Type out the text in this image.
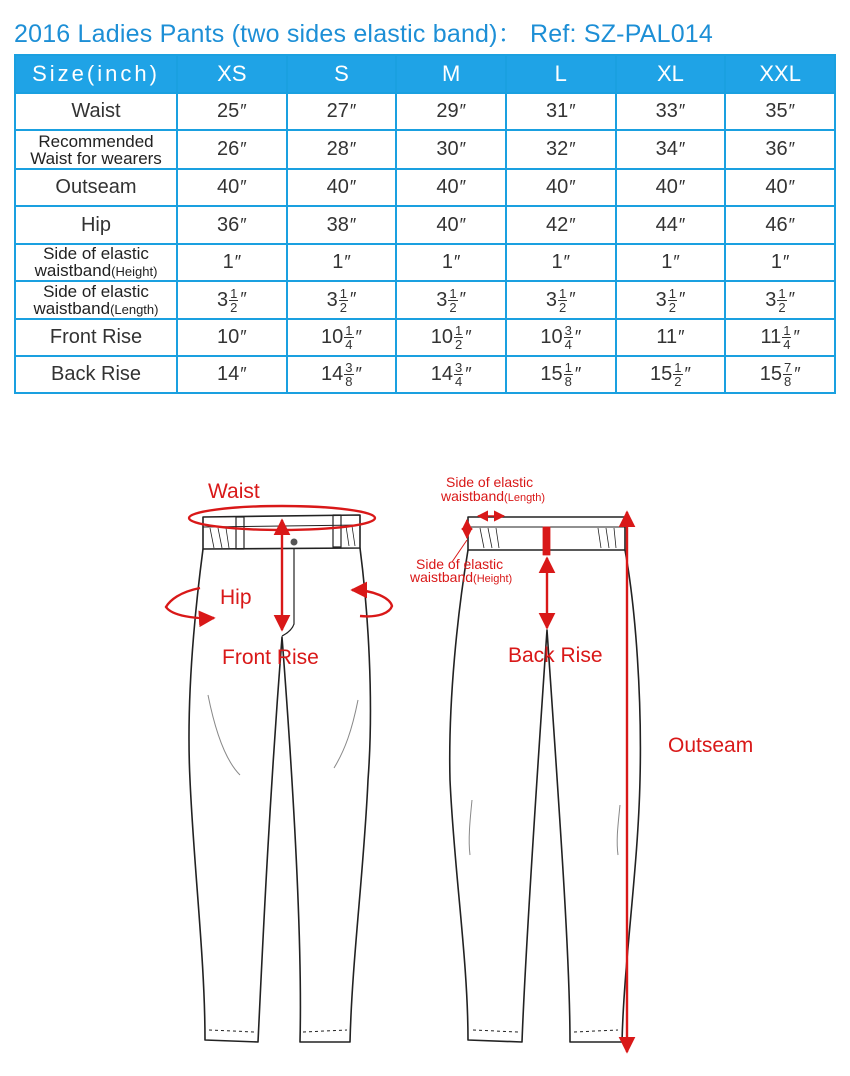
2016 Ladies Pants (two sides elastic band)： Ref: SZ-PAL014
Size(inch)	XS	S	M	L	XL	XXL
Waist	25″	27″	29″	31″	33″	35″

Recommended
Waist for wearers	26″	28″	30″	32″	34″	36″
Outseam	40″	40″	40″	40″	40″	40″
Hip	36″	38″	40″	42″	44″	46″

Side of elastic
waistband(Height)	1″	1″	1″	1″	1″	1″

Side of elastic
waistband(Length)	$3 \frac{1}{2}$ ″	$3 \frac{1}{2}$ ″	$3 \frac{1}{2}$ ″	$3 \frac{1}{2}$ ″	$3 \frac{1}{2}$ ″	$3 \frac{1}{2}$ ″
Front Rise	10″	$10 \frac{1}{4}$ ″	$10 \frac{1}{2}$ ″	$10 \frac{3}{4}$ ″	11″	$11 \frac{1}{4}$ ″
Back Rise	14″	$14 \frac{3}{8}$ ″	$14 \frac{3}{4}$ ″	$15 \frac{1}{8}$ ″	$15 \frac{1}{2}$ ″	$15 \frac{7}{8}$ ″
Waist
Hip
Front Rise	Back Rise
Outseam
Side of elastic
waistband(Length)
Side of elastic
waistband(Height)
